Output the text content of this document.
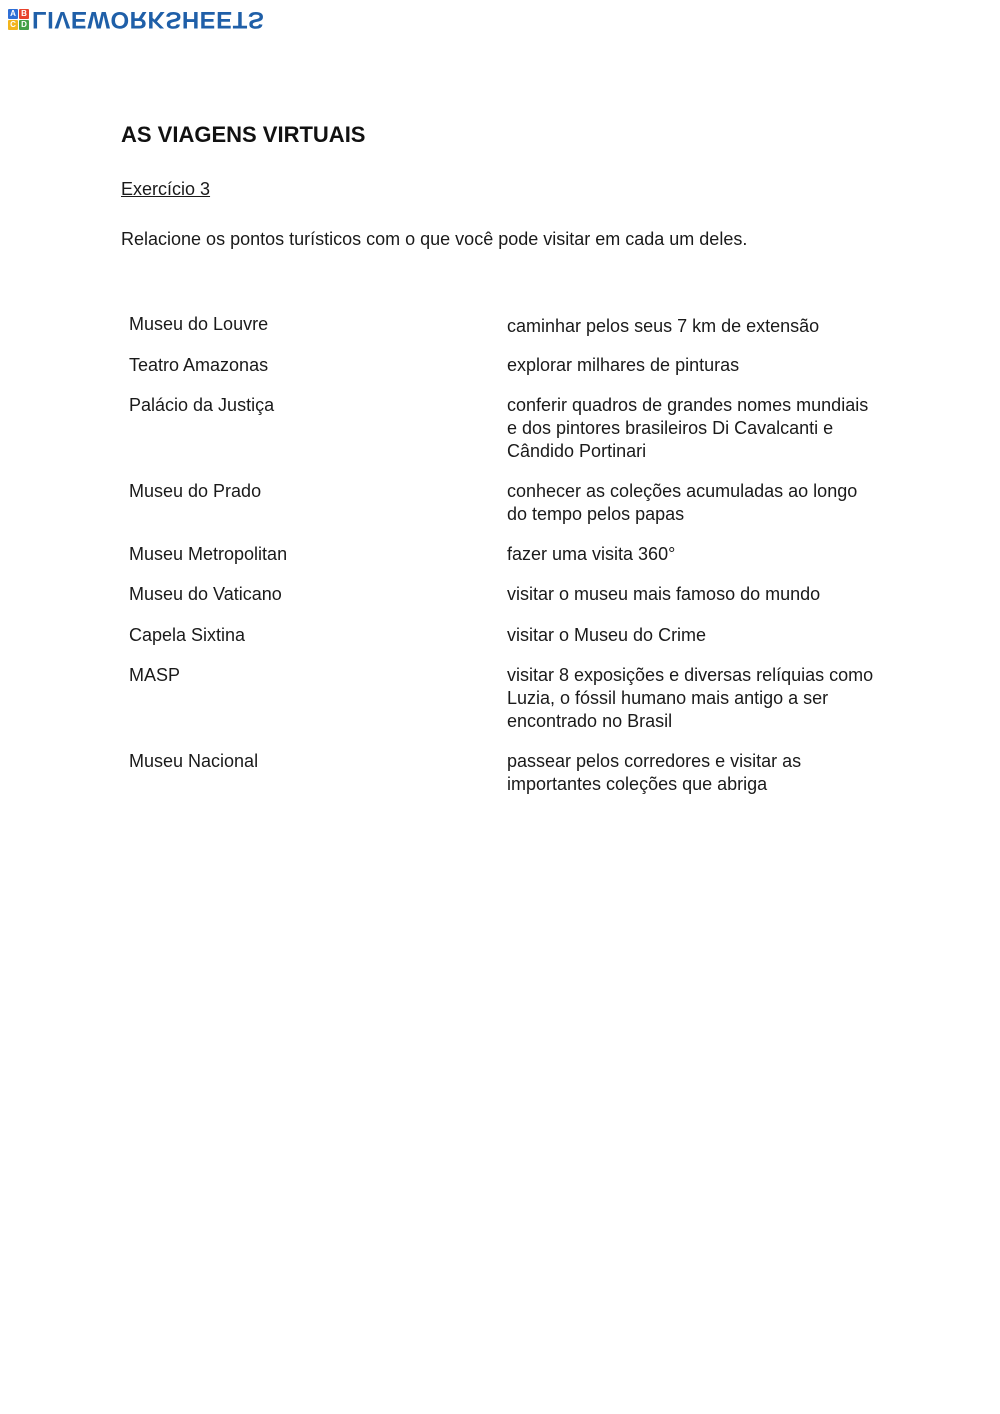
A B
C D LIVEWORKSHEETS
AS VIAGENS VIRTUAIS
Exercício 3
Relacione os pontos turísticos com o que você pode visitar em cada um deles.
Museu do Louvre	caminhar pelos seus 7 km de extensão
Teatro Amazonas	explorar milhares de pinturas
Palácio da Justiça	conferir quadros de grandes nomes mundiais e dos pintores brasileiros Di Cavalcanti e Cândido Portinari
Museu do Prado	conhecer as coleções acumuladas ao longo do tempo pelos papas
Museu Metropolitan	fazer uma visita 360°
Museu do Vaticano	visitar o museu mais famoso do mundo
Capela Sixtina	visitar o Museu do Crime
MASP	visitar 8 exposições e diversas relíquias como Luzia, o fóssil humano mais antigo a ser encontrado no Brasil
Museu Nacional	passear pelos corredores e visitar as importantes coleções que abriga
